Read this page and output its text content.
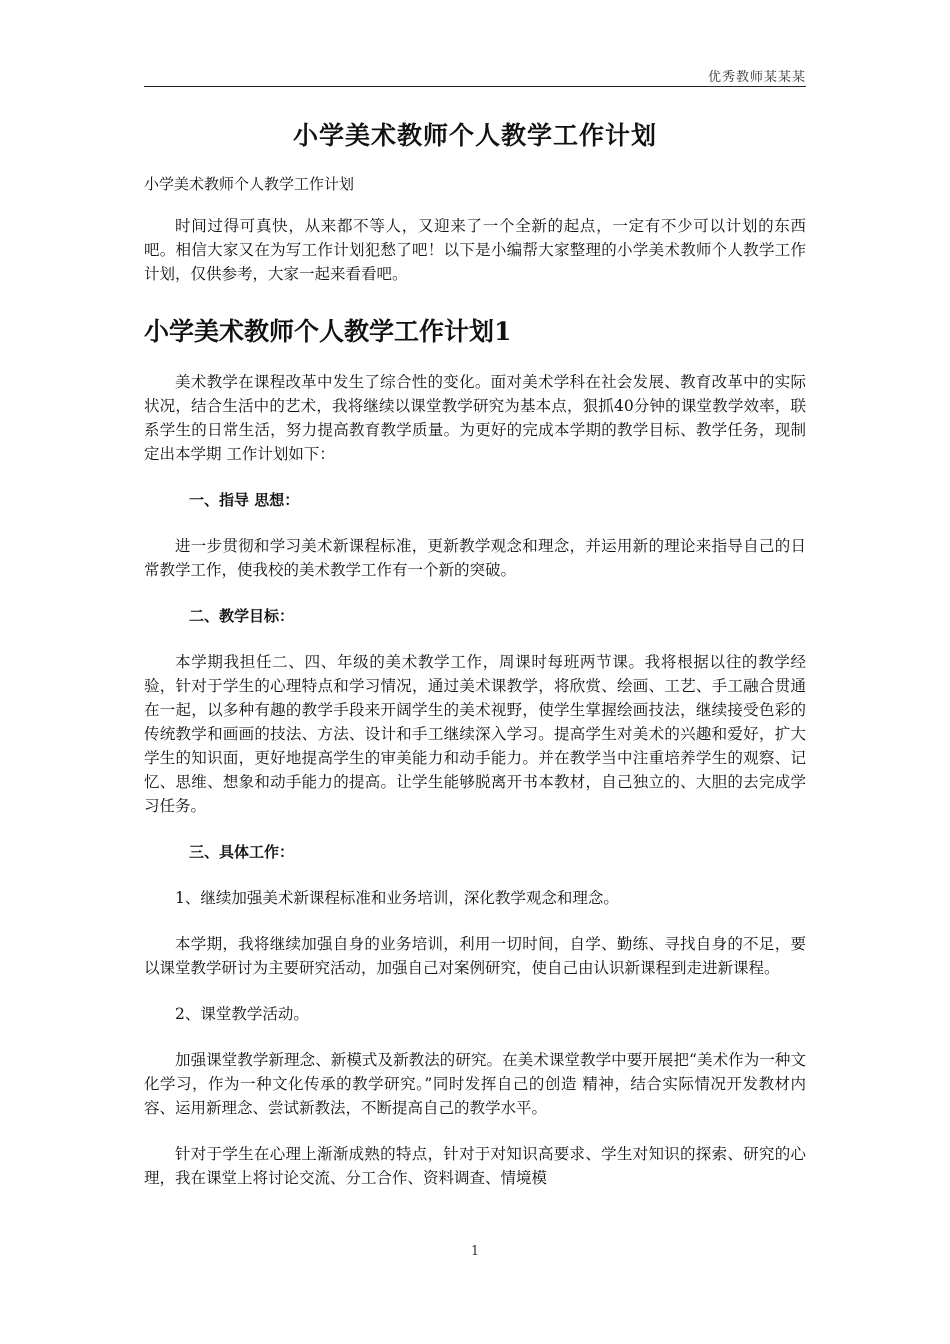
优秀教师某某某
小学美术教师个人教学工作计划

小学美术教师个人教学工作计划

时间过得可真快，从来都不等人，又迎来了一个全新的起点，一定有不少可以计划的东西吧。相信大家又在为写工作计划犯愁了吧！以下是小编帮大家整理的小学美术教师个人教学工作计划，仅供参考，大家一起来看看吧。

小学美术教师个人教学工作计划1

美术教学在课程改革中发生了综合性的变化。面对美术学科在社会发展、教育改革中的实际状况，结合生活中的艺术，我将继续以课堂教学研究为基本点，狠抓40分钟的课堂教学效率，联系学生的日常生活，努力提高教育教学质量。为更好的完成本学期的教学目标、教学任务，现制定出本学期 工作计划如下：

一、指导 思想：

进一步贯彻和学习美术新课程标准，更新教学观念和理念，并运用新的理论来指导自己的日常教学工作，使我校的美术教学工作有一个新的突破。

二、教学目标：

本学期我担任二、四、年级的美术教学工作，周课时每班两节课。我将根据以往的教学经验，针对于学生的心理特点和学习情况，通过美术课教学，将欣赏、绘画、工艺、手工融合贯通在一起，以多种有趣的教学手段来开阔学生的美术视野，使学生掌握绘画技法，继续接受色彩的传统教学和画画的技法、方法、设计和手工继续深入学习。提高学生对美术的兴趣和爱好，扩大学生的知识面，更好地提高学生的审美能力和动手能力。并在教学当中注重培养学生的观察、记忆、思维、想象和动手能力的提高。让学生能够脱离开书本教材，自己独立的、大胆的去完成学习任务。

三、具体工作：

1、继续加强美术新课程标准和业务培训，深化教学观念和理念。

本学期，我将继续加强自身的业务培训，利用一切时间，自学、勤练、寻找自身的不足，要以课堂教学研讨为主要研究活动，加强自己对案例研究，使自己由认识新课程到走进新课程。

2、课堂教学活动。

加强课堂教学新理念、新模式及新教法的研究。在美术课堂教学中要开展把“美术作为一种文化学习，作为一种文化传承的教学研究。”同时发挥自己的创造 精神，结合实际情况开发教材内容、运用新理念、尝试新教法，不断提高自己的教学水平。

针对于学生在心理上渐渐成熟的特点，针对于对知识高要求、学生对知识的探索、研究的心理，我在课堂上将讨论交流、分工合作、资料调查、情境模

1
